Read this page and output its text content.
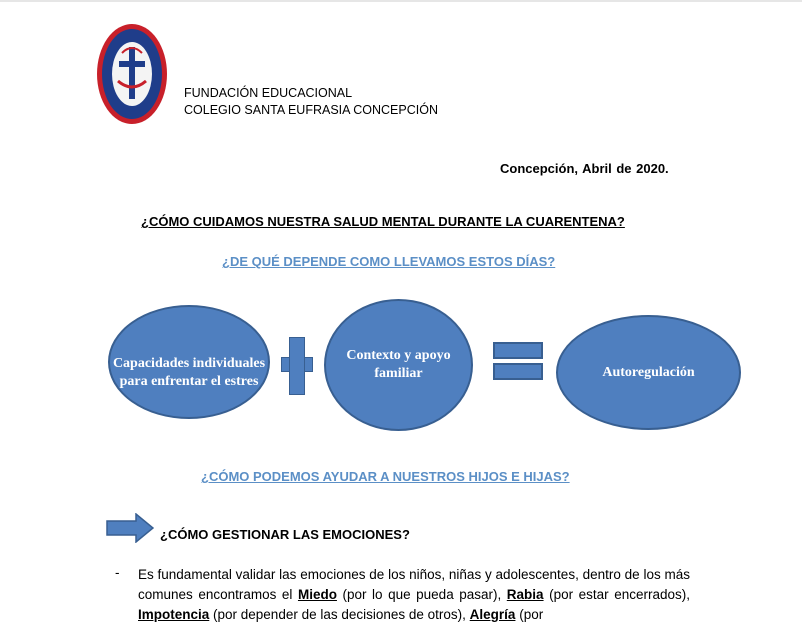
FUNDACIÓN EDUCACIONAL
COLEGIO SANTA EUFRASIA CONCEPCIÓN
Concepción, Abril de 2020.
¿CÓMO CUIDAMOS NUESTRA SALUD MENTAL DURANTE LA CUARENTENA?
¿DE QUÉ DEPENDE COMO LLEVAMOS ESTOS DÍAS?
Capacidades individuales para enfrentar el estres
Contexto y apoyo familiar	Autoregulación
¿CÓMO PODEMOS AYUDAR A NUESTROS HIJOS E HIJAS?
¿CÓMO GESTIONAR LAS EMOCIONES?
- Es fundamental validar las emociones de los niños, niñas y adolescentes, dentro de los más comunes encontramos el Miedo (por lo que pueda pasar), Rabia (por estar encerrados), Impotencia (por depender de las decisiones de otros), Alegría (por
